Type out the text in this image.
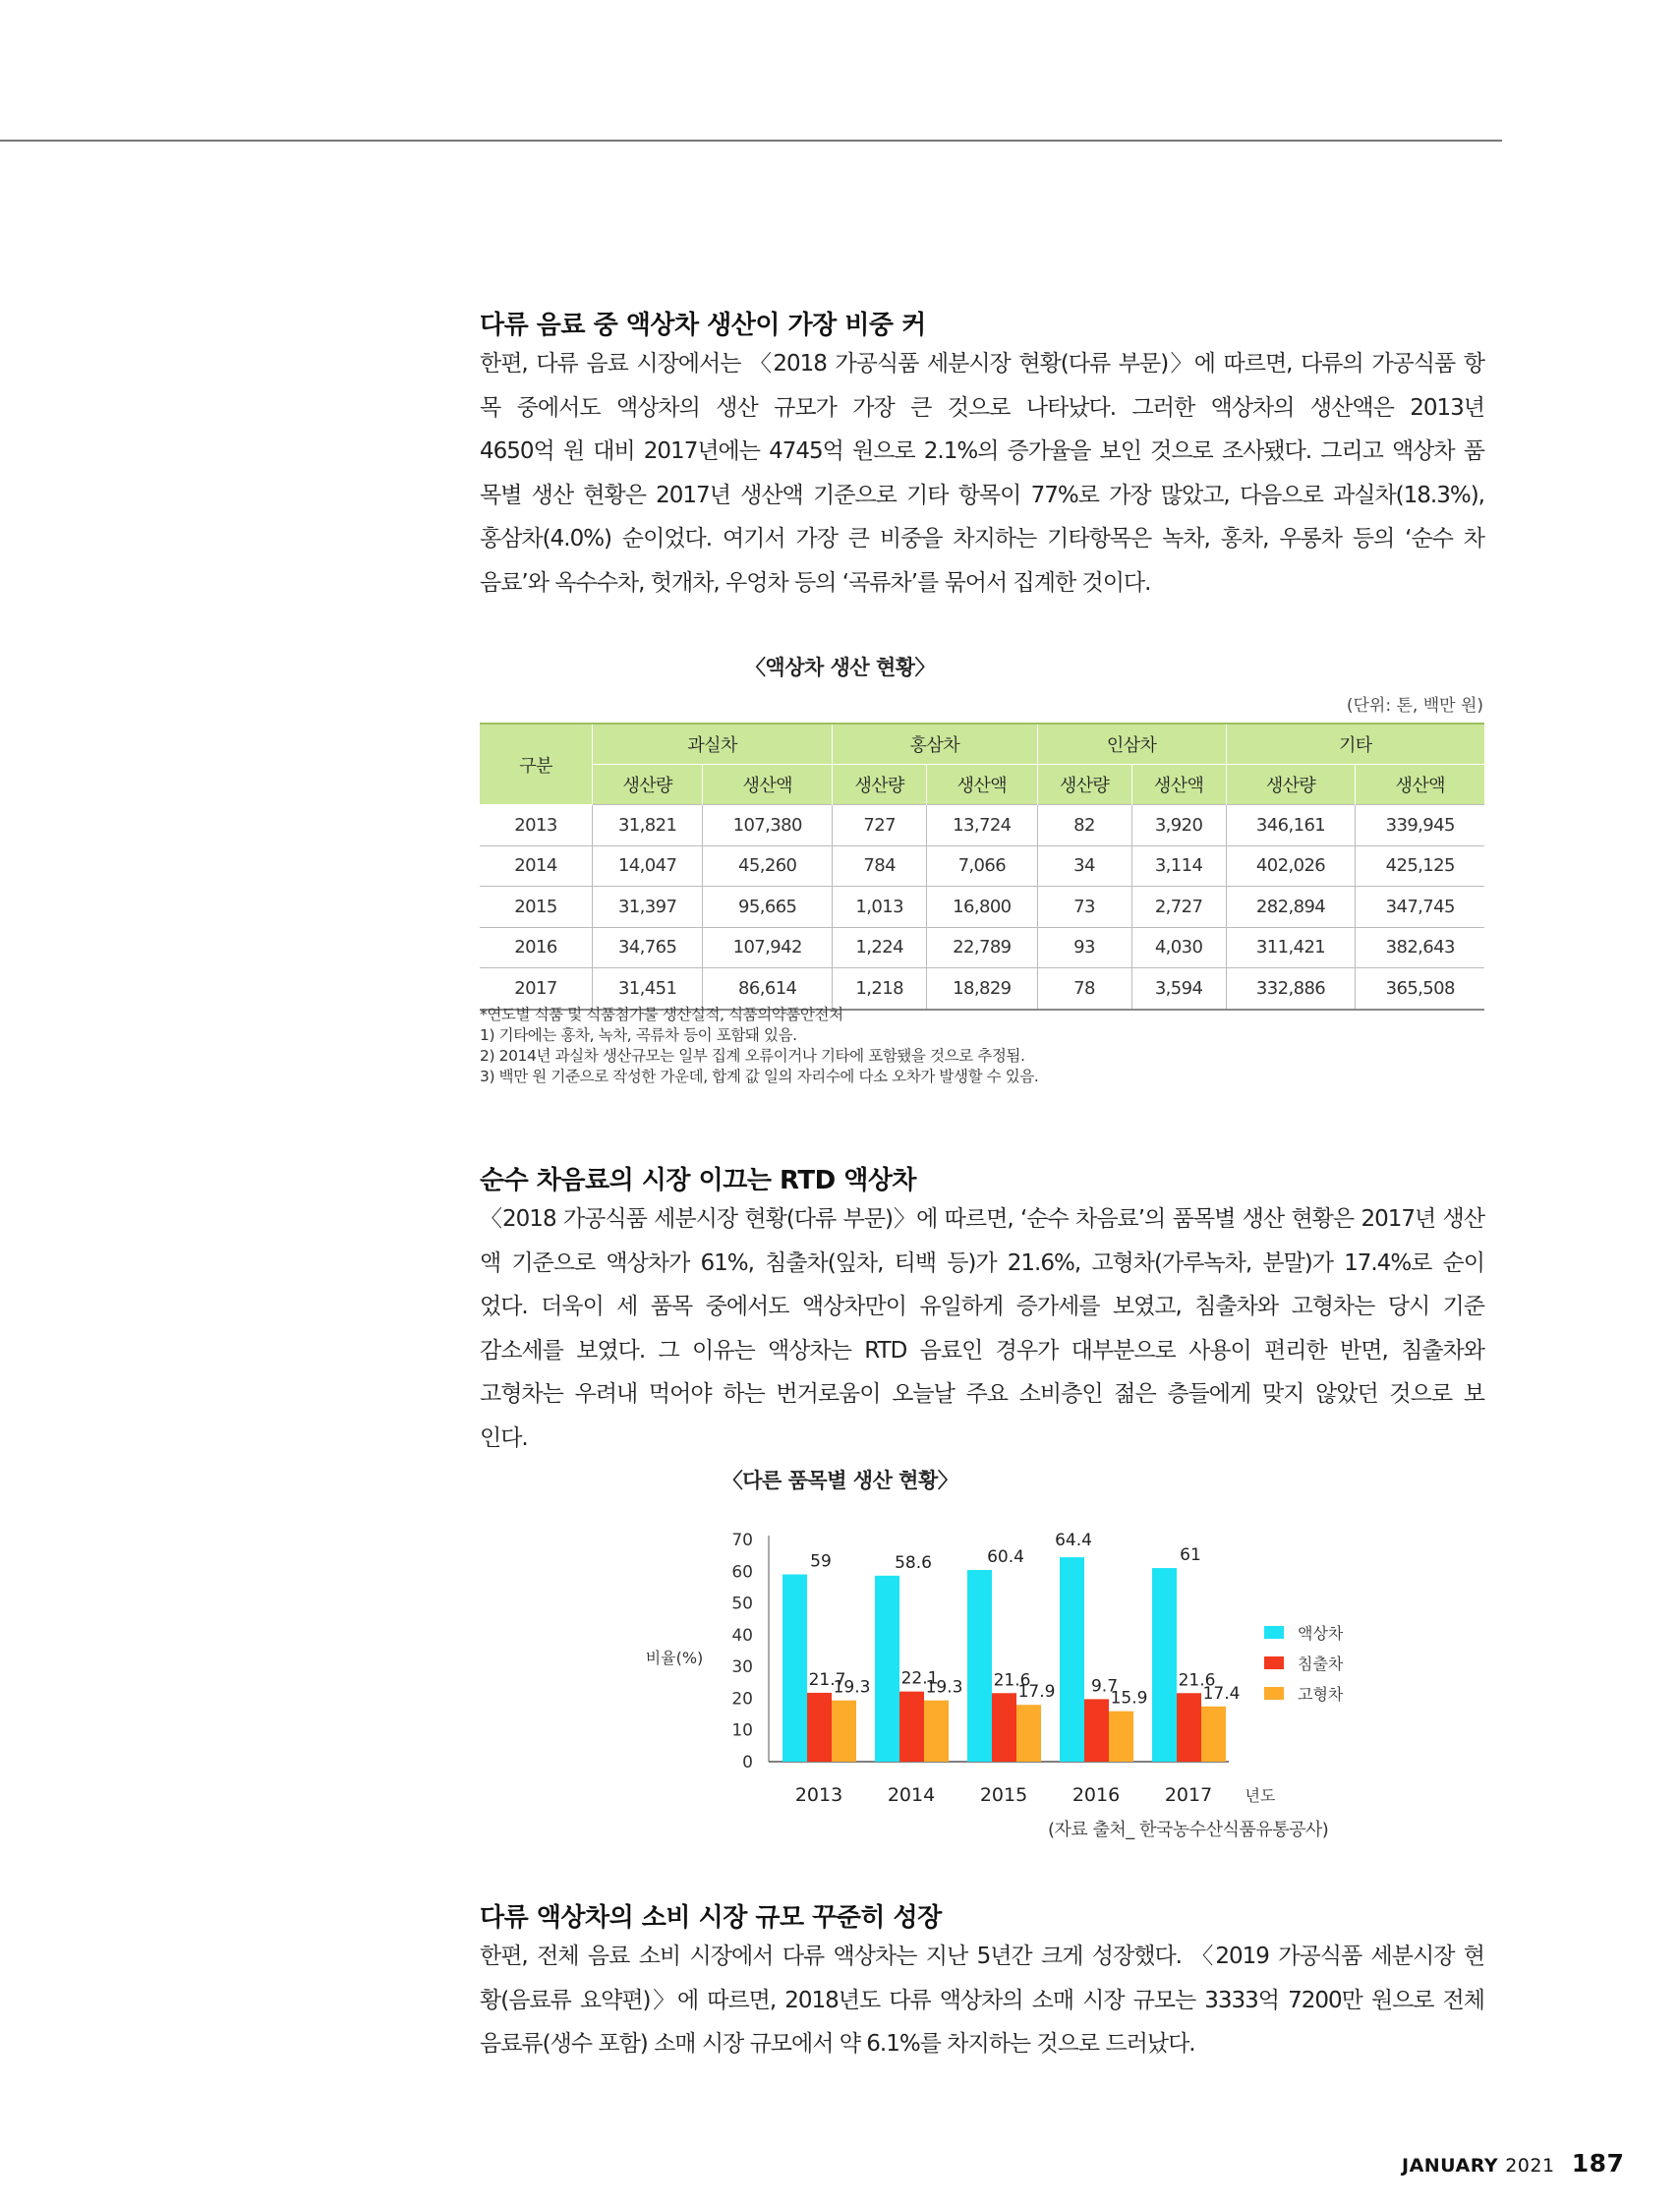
다류 음료 중 액상차 생산이 가장 비중 커
한편, 다류 음료 시장에서는 〈2018 가공식품 세분시장 현황(다류 부문)〉에 따르면, 다류의 가공식품 항
목 중에서도 액상차의 생산 규모가 가장 큰 것으로 나타났다. 그러한 액상차의 생산액은 2013년
4650억 원 대비 2017년에는 4745억 원으로 2.1%의 증가율을 보인 것으로 조사됐다. 그리고 액상차 품
목별 생산 현황은 2017년 생산액 기준으로 기타 항목이 77%로 가장 많았고, 다음으로 과실차(18.3%),
홍삼차(4.0%) 순이었다. 여기서 가장 큰 비중을 차지하는 기타항목은 녹차, 홍차, 우롱차 등의 ‘순수 차
음료’와 옥수수차, 헛개차, 우엉차 등의 ‘곡류차’를 묶어서 집계한 것이다.
〈액상차 생산 현황〉
(단위: 톤, 백만 원)
구분	과실차		홍삼차		인삼차		기타	
	생산량	생산액	생산량	생산액	생산량	생산액	생산량	생산액
2013	31,821	107,380	727	13,724	82	3,920	346,161	339,945
2014	14,047	45,260	784	7,066	34	3,114	402,026	425,125
2015	31,397	95,665	1,013	16,800	73	2,727	282,894	347,745
2016	34,765	107,942	1,224	22,789	93	4,030	311,421	382,643
2017	31,451	86,614	1,218	18,829	78	3,594	332,886	365,508
*연도별 식품 및 식품첨가물 생산실적, 식품의약품안전처
1) 기타에는 홍차, 녹차, 곡류차 등이 포함돼 있음.
2) 2014년 과실차 생산규모는 일부 집계 오류이거나 기타에 포함됐을 것으로 추정됨.
3) 백만 원 기준으로 작성한 가운데, 합계 값 일의 자리수에 다소 오차가 발생할 수 있음.
순수 차음료의 시장 이끄는 RTD 액상차
〈2018 가공식품 세분시장 현황(다류 부문)〉에 따르면, ‘순수 차음료’의 품목별 생산 현황은 2017년 생산
액 기준으로 액상차가 61%, 침출차(잎차, 티백 등)가 21.6%, 고형차(가루녹차, 분말)가 17.4%로 순이
었다. 더욱이 세 품목 중에서도 액상차만이 유일하게 증가세를 보였고, 침출차와 고형차는 당시 기준
감소세를 보였다. 그 이유는 액상차는 RTD 음료인 경우가 대부분으로 사용이 편리한 반면, 침출차와
고형차는 우려내 먹어야 하는 번거로움이 오늘날 주요 소비층인 젊은 층들에게 맞지 않았던 것으로 보
인다.
〈다른 품목별 생산 현황〉
0
10
20
30
40
50
60
70
비율(%)
년도
59
21.7
19.3
2013
58.6
22.1
19.3
2014
60.4
21.6
17.9
2015
64.4
9.7
15.9
2016
61
21.6
17.4
2017
액상차
침출차
고형차
(자료 출처_ 한국농수산식품유통공사)
다류 액상차의 소비 시장 규모 꾸준히 성장
한편, 전체 음료 소비 시장에서 다류 액상차는 지난 5년간 크게 성장했다. 〈2019 가공식품 세분시장 현
황(음료류 요약편)〉에 따르면, 2018년도 다류 액상차의 소매 시장 규모는 3333억 7200만 원으로 전체
음료류(생수 포함) 소매 시장 규모에서 약 6.1%를 차지하는 것으로 드러났다.
JANUARY 2021 187
